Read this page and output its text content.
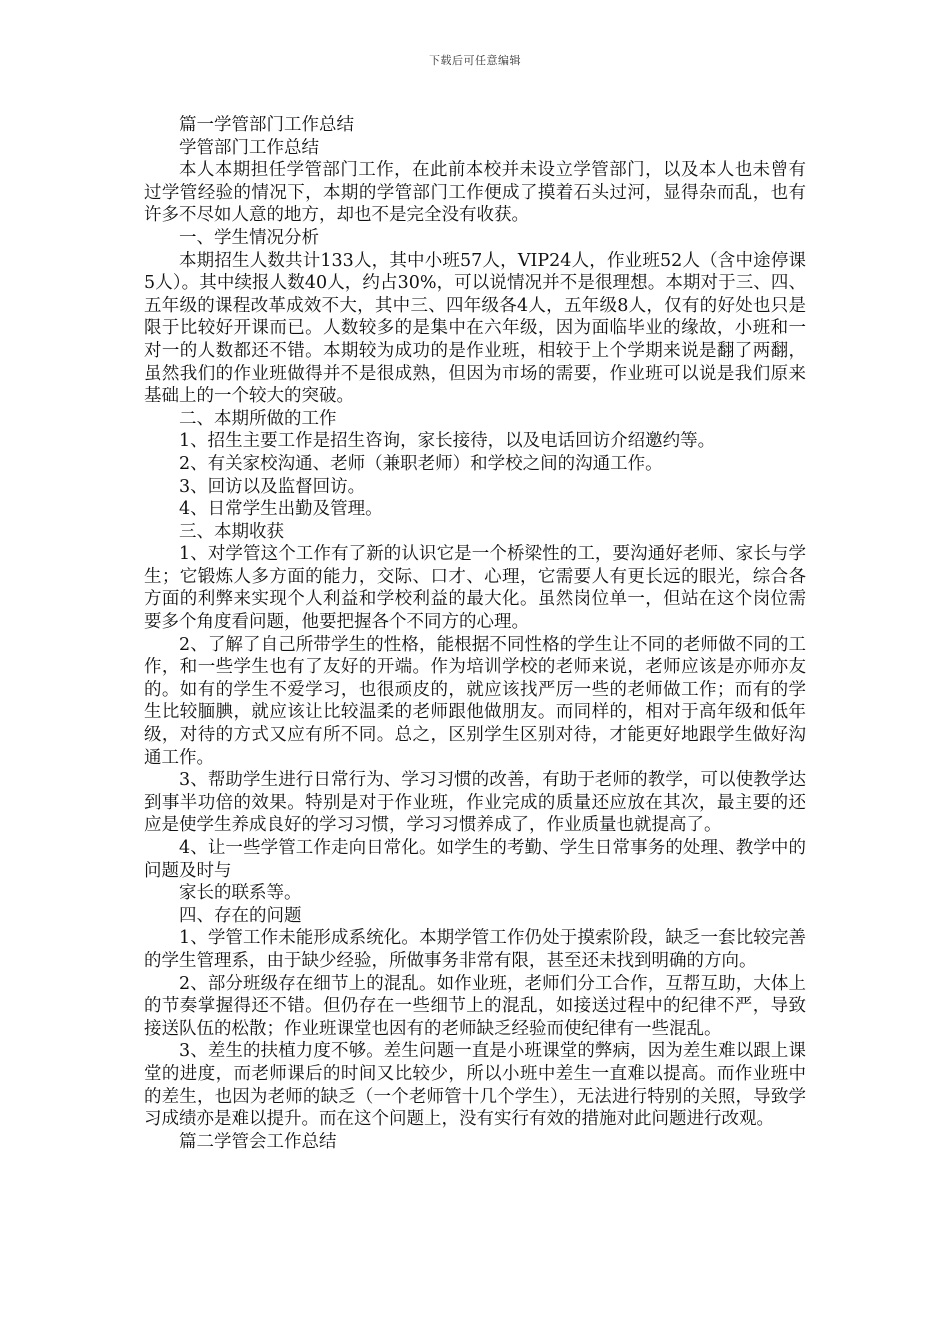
下载后可任意编辑

篇一学管部门工作总结

学管部门工作总结

本人本期担任学管部门工作，在此前本校并未设立学管部门，以及本人也未曾有过学管经验的情况下，本期的学管部门工作便成了摸着石头过河，显得杂而乱，也有许多不尽如人意的地方，却也不是完全没有收获。

一、学生情况分析

本期招生人数共计133人，其中小班57人，VIP24人，作业班52人（含中途停课5人）。其中续报人数40人，约占30%，可以说情况并不是很理想。本期对于三、四、五年级的课程改革成效不大，其中三、四年级各4人，五年级8人，仅有的好处也只是限于比较好开课而已。人数较多的是集中在六年级，因为面临毕业的缘故，小班和一对一的人数都还不错。本期较为成功的是作业班，相较于上个学期来说是翻了两翻，虽然我们的作业班做得并不是很成熟，但因为市场的需要，作业班可以说是我们原来基础上的一个较大的突破。

二、本期所做的工作

1、招生主要工作是招生咨询，家长接待，以及电话回访介绍邀约等。

2、有关家校沟通、老师（兼职老师）和学校之间的沟通工作。

3、回访以及监督回访。

4、日常学生出勤及管理。

三、本期收获

1、对学管这个工作有了新的认识它是一个桥梁性的工，要沟通好老师、家长与学生；它锻炼人多方面的能力，交际、口才、心理，它需要人有更长远的眼光，综合各方面的利弊来实现个人利益和学校利益的最大化。虽然岗位单一，但站在这个岗位需要多个角度看问题，他要把握各个不同方的心理。

2、了解了自己所带学生的性格，能根据不同性格的学生让不同的老师做不同的工作，和一些学生也有了友好的开端。作为培训学校的老师来说，老师应该是亦师亦友的。如有的学生不爱学习，也很顽皮的，就应该找严厉一些的老师做工作；而有的学生比较腼腆，就应该让比较温柔的老师跟他做朋友。而同样的，相对于高年级和低年级，对待的方式又应有所不同。总之，区别学生区别对待，才能更好地跟学生做好沟通工作。

3、帮助学生进行日常行为、学习习惯的改善，有助于老师的教学，可以使教学达到事半功倍的效果。特别是对于作业班，作业完成的质量还应放在其次，最主要的还应是使学生养成良好的学习习惯，学习习惯养成了，作业质量也就提高了。

4、让一些学管工作走向日常化。如学生的考勤、学生日常事务的处理、教学中的问题及时与

家长的联系等。

四、存在的问题

1、学管工作未能形成系统化。本期学管工作仍处于摸索阶段，缺乏一套比较完善的学生管理系，由于缺少经验，所做事务非常有限，甚至还未找到明确的方向。

2、部分班级存在细节上的混乱。如作业班，老师们分工合作，互帮互助，大体上的节奏掌握得还不错。但仍存在一些细节上的混乱，如接送过程中的纪律不严，导致接送队伍的松散；作业班课堂也因有的老师缺乏经验而使纪律有一些混乱。

3、差生的扶植力度不够。差生问题一直是小班课堂的弊病，因为差生难以跟上课堂的进度，而老师课后的时间又比较少，所以小班中差生一直难以提高。而作业班中的差生，也因为老师的缺乏（一个老师管十几个学生），无法进行特别的关照，导致学习成绩亦是难以提升。而在这个问题上，没有实行有效的措施对此问题进行改观。

篇二学管会工作总结
